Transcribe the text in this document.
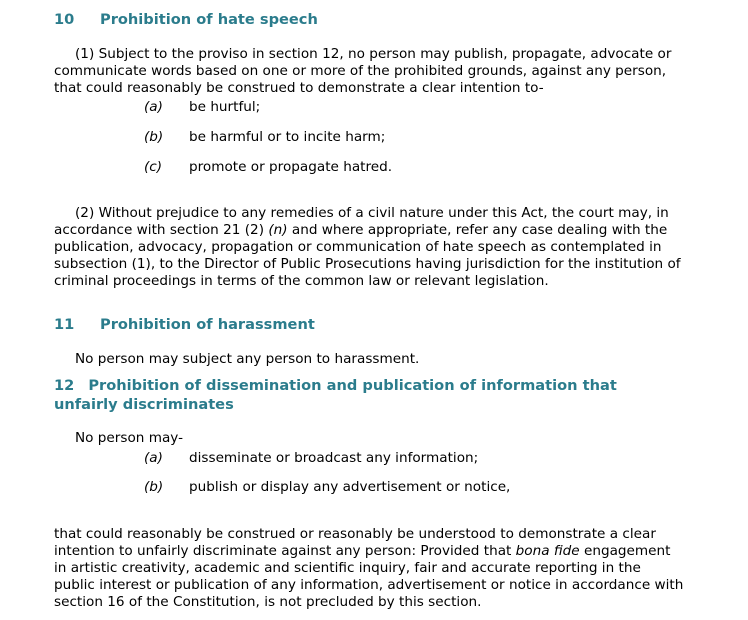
10 Prohibition of hate speech

(1) Subject to the proviso in section 12, no person may publish, propagate, advocate or communicate words based on one or more of the prohibited grounds, against any person, that could reasonably be construed to demonstrate a clear intention to-

(a) be hurtful;
(b) be harmful or to incite harm;
(c) promote or propagate hatred.

(2) Without prejudice to any remedies of a civil nature under this Act, the court may, in accordance with section 21 (2) (n) and where appropriate, refer any case dealing with the publication, advocacy, propagation or communication of hate speech as contemplated in subsection (1), to the Director of Public Prosecutions having jurisdiction for the institution of criminal proceedings in terms of the common law or relevant legislation.

11 Prohibition of harassment

No person may subject any person to harassment.

12 Prohibition of dissemination and publication of information that unfairly discriminates

No person may-

(a) disseminate or broadcast any information;
(b) publish or display any advertisement or notice,

that could reasonably be construed or reasonably be understood to demonstrate a clear intention to unfairly discriminate against any person: Provided that bona fide engagement in artistic creativity, academic and scientific inquiry, fair and accurate reporting in the public interest or publication of any information, advertisement or notice in accordance with section 16 of the Constitution, is not precluded by this section.
